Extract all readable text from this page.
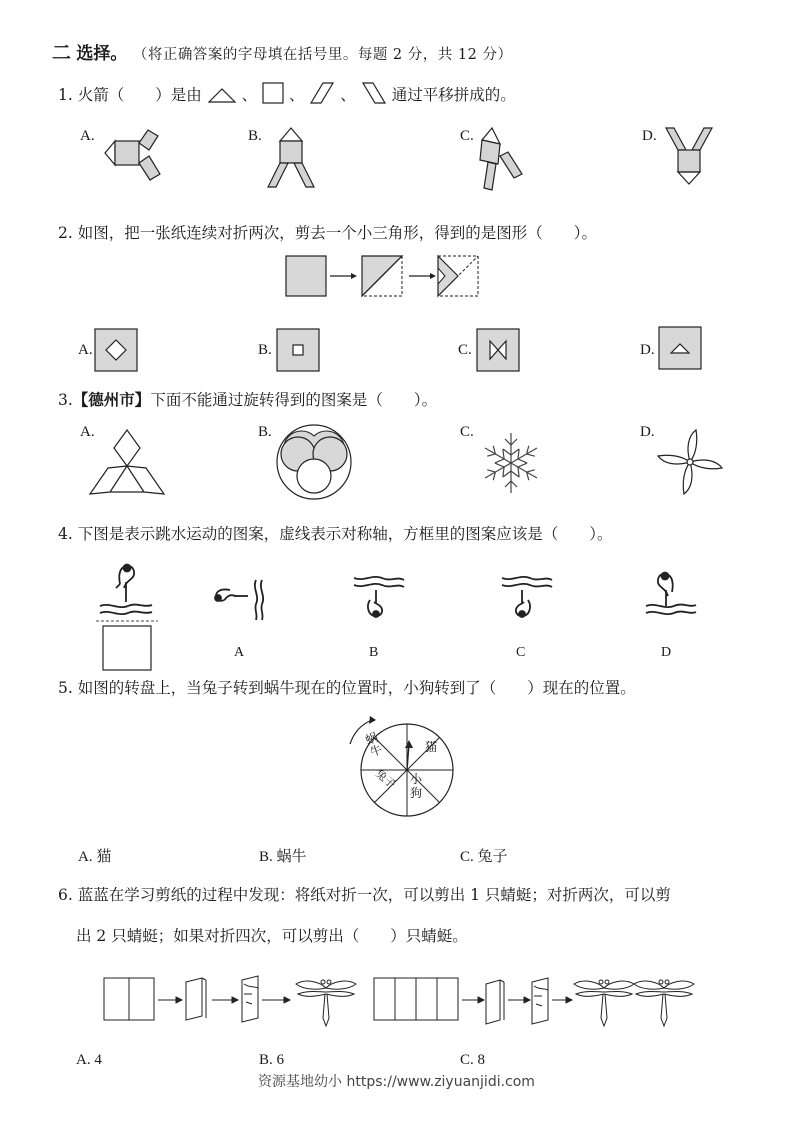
二 选择。 （将正确答案的字母填在括号里。每题 2 分，共 12 分）
1. 火箭（　　）是由	、 、 、 通过平移拼成的。
A.	B.	C.	D.
2. 如图，把一张纸连续对折两次，剪去一个小三角形，得到的是图形（　　）。
A.	B.	C.	D.
3.【德州市】下面不能通过旋转得到的图案是（　　）。
A.	B.	C.	D.
4. 下图是表示跳水运动的图案，虚线表示对称轴，方框里的图案应该是（　　）。
A	B	C	D
5. 如图的转盘上，当兔子转到蜗牛现在的位置时，小狗转到了（　　）现在的位置。
蜗牛	猫
小狗
兔子
A. 猫	B. 蜗牛	C. 兔子
6. 蓝蓝在学习剪纸的过程中发现：将纸对折一次，可以剪出 1 只蜻蜓；对折两次，可以剪
出 2 只蜻蜓；如果对折四次，可以剪出（　　）只蜻蜓。
A. 4	B. 6	C. 8
资源基地幼小 https://www.ziyuanjidi.com
